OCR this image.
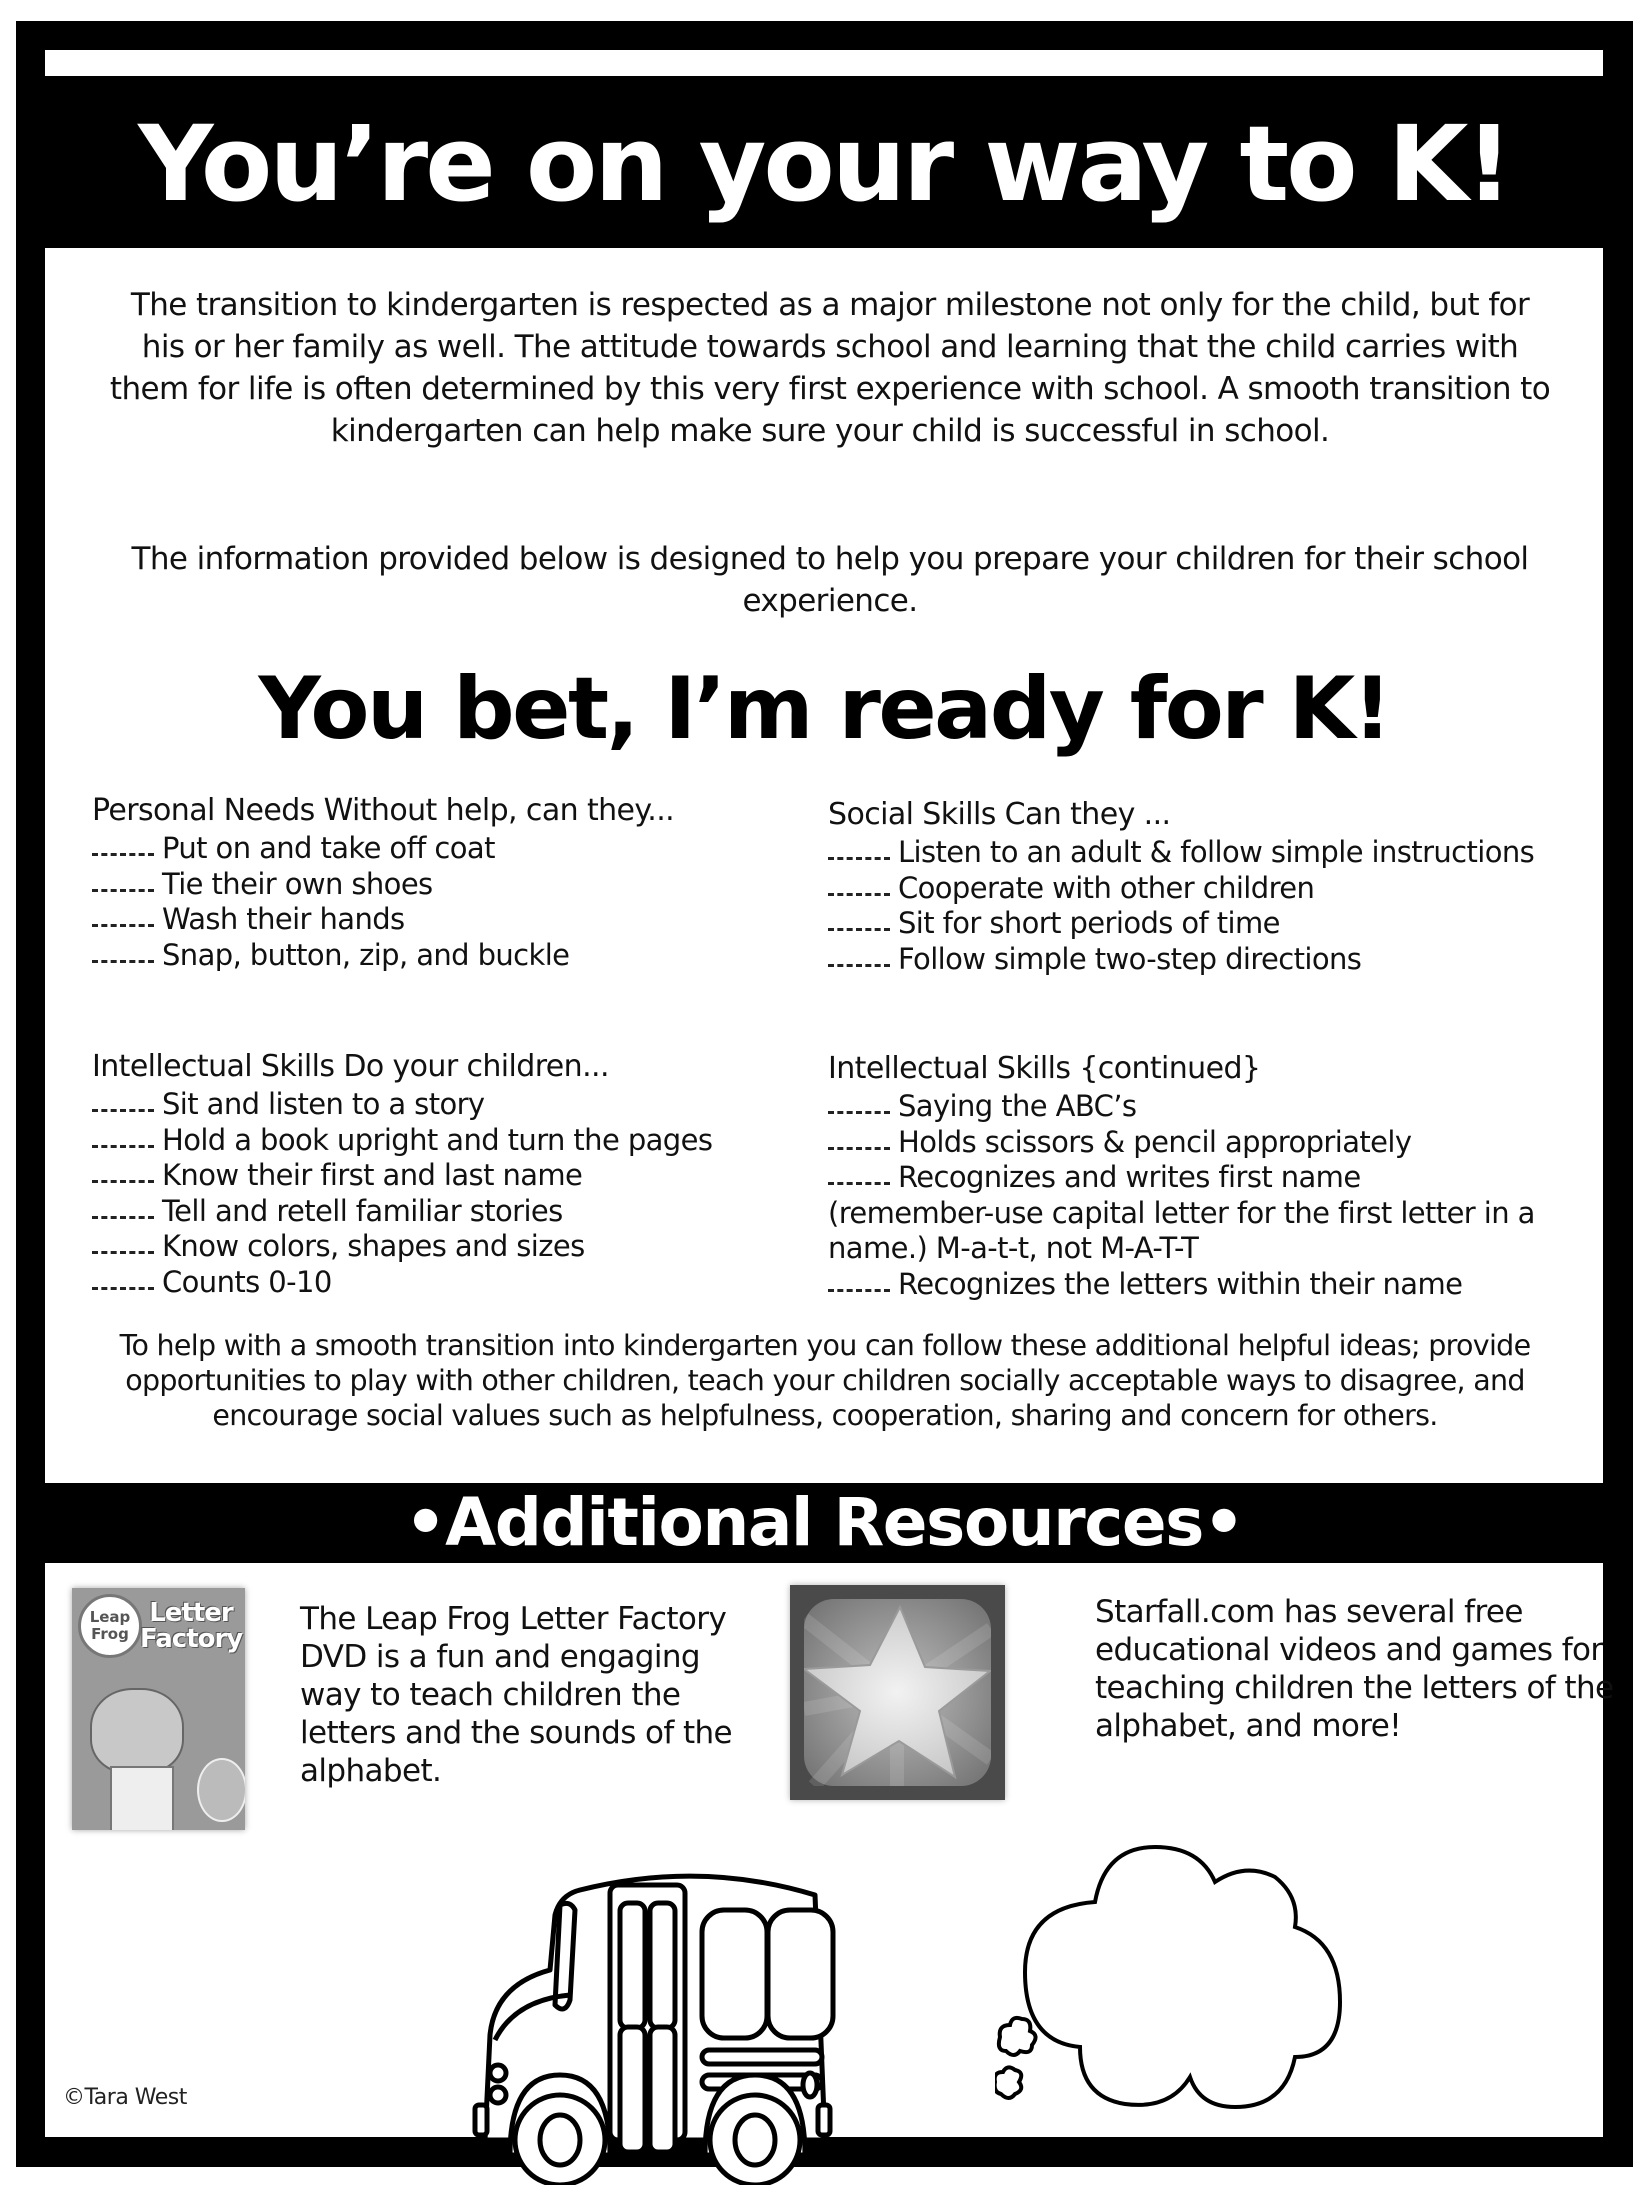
You’re on your way to K!
The transition to kindergarten is respected as a major milestone not only for the child, but for his or her family as well. The attitude towards school and learning that the child carries with them for life is often determined by this very first experience with school. A smooth transition to kindergarten can help make sure your child is successful in school.
The information provided below is designed to help you prepare your children for their school experience.
You bet, I’m ready for K!
Personal Needs Without help, can they...
Put on and take off coat
Tie their own shoes
Wash their hands
Snap, button, zip, and buckle
Social Skills Can they ...
Listen to an adult & follow simple instructions
Cooperate with other children
Sit for short periods of time
Follow simple two-step directions
Intellectual Skills Do your children...
Sit and listen to a story
Hold a book upright and turn the pages
Know their first and last name
Tell and retell familiar stories
Know colors, shapes and sizes
Counts 0-10
Intellectual Skills {continued}
Saying the ABC’s
Holds scissors & pencil appropriately
Recognizes and writes first name
(remember-use capital letter for the first letter in a name.) M-a-t-t, not M-A-T-T
Recognizes the letters within their name
To help with a smooth transition into kindergarten you can follow these additional helpful ideas; provide opportunities to play with other children, teach your children socially acceptable ways to disagree, and encourage social values such as helpfulness, cooperation, sharing and concern for others.
•Additional Resources•
Leap Frog
Letter Factory
The Leap Frog Letter Factory DVD is a fun and engaging way to teach children the letters and the sounds of the alphabet.
Starfall.com has several free educational videos and games for teaching children the letters of the alphabet, and more!
©Tara West
